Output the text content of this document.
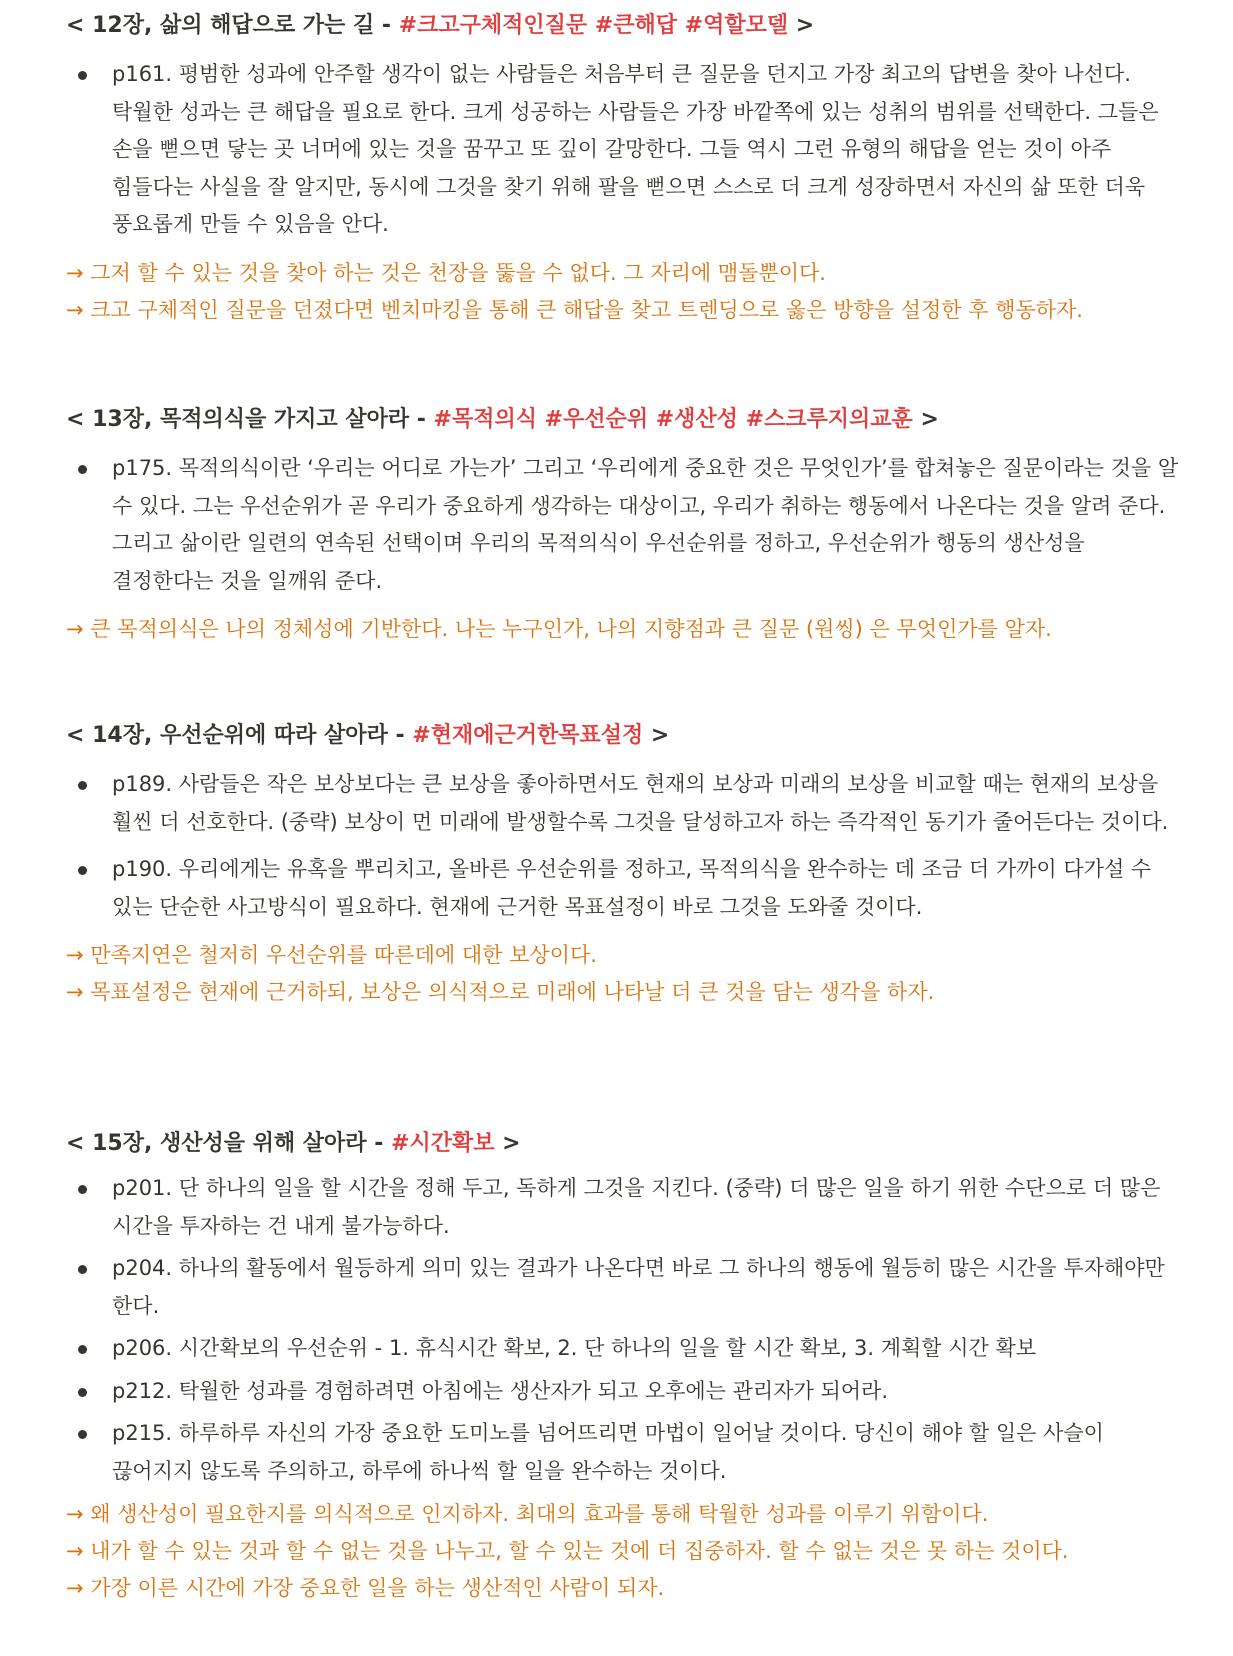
< 12장, 삶의 해답으로 가는 길 - #크고구체적인질문 #큰해답 #역할모델 >
p161. 평범한 성과에 안주할 생각이 없는 사람들은 처음부터 큰 질문을 던지고 가장 최고의 답변을 찾아 나선다. 탁월한 성과는 큰 해답을 필요로 한다. 크게 성공하는 사람들은 가장 바깥쪽에 있는 성취의 범위를 선택한다. 그들은 손을 뻗으면 닿는 곳 너머에 있는 것을 꿈꾸고 또 깊이 갈망한다. 그들 역시 그런 유형의 해답을 얻는 것이 아주 힘들다는 사실을 잘 알지만, 동시에 그것을 찾기 위해 팔을 뻗으면 스스로 더 크게 성장하면서 자신의 삶 또한 더욱 풍요롭게 만들 수 있음을 안다.
→ 그저 할 수 있는 것을 찾아 하는 것은 천장을 뚫을 수 없다. 그 자리에 맴돌뿐이다.
→ 크고 구체적인 질문을 던졌다면 벤치마킹을 통해 큰 해답을 찾고 트렌딩으로 옳은 방향을 설정한 후 행동하자.
< 13장, 목적의식을 가지고 살아라 - #목적의식 #우선순위 #생산성 #스크루지의교훈 >
p175. 목적의식이란 ‘우리는 어디로 가는가’ 그리고 ‘우리에게 중요한 것은 무엇인가’를 합쳐놓은 질문이라는 것을 알 수 있다. 그는 우선순위가 곧 우리가 중요하게 생각하는 대상이고, 우리가 취하는 행동에서 나온다는 것을 알려 준다. 그리고 삶이란 일련의 연속된 선택이며 우리의 목적의식이 우선순위를 정하고, 우선순위가 행동의 생산성을 결정한다는 것을 일깨워 준다.
→ 큰 목적의식은 나의 정체성에 기반한다. 나는 누구인가, 나의 지향점과 큰 질문 (원씽) 은 무엇인가를 알자.
< 14장, 우선순위에 따라 살아라 - #현재에근거한목표설정 >
p189. 사람들은 작은 보상보다는 큰 보상을 좋아하면서도 현재의 보상과 미래의 보상을 비교할 때는 현재의 보상을 훨씬 더 선호한다. (중략) 보상이 먼 미래에 발생할수록 그것을 달성하고자 하는 즉각적인 동기가 줄어든다는 것이다.
p190. 우리에게는 유혹을 뿌리치고, 올바른 우선순위를 정하고, 목적의식을 완수하는 데 조금 더 가까이 다가설 수 있는 단순한 사고방식이 필요하다. 현재에 근거한 목표설정이 바로 그것을 도와줄 것이다.
→ 만족지연은 철저히 우선순위를 따른데에 대한 보상이다.
→ 목표설정은 현재에 근거하되, 보상은 의식적으로 미래에 나타날 더 큰 것을 담는 생각을 하자.
< 15장, 생산성을 위해 살아라 - #시간확보 >
p201. 단 하나의 일을 할 시간을 정해 두고, 독하게 그것을 지킨다. (중략) 더 많은 일을 하기 위한 수단으로 더 많은 시간을 투자하는 건 내게 불가능하다.
p204. 하나의 활동에서 월등하게 의미 있는 결과가 나온다면 바로 그 하나의 행동에 월등히 많은 시간을 투자해야만 한다.
p206. 시간확보의 우선순위 - 1. 휴식시간 확보, 2. 단 하나의 일을 할 시간 확보, 3. 계획할 시간 확보
p212. 탁월한 성과를 경험하려면 아침에는 생산자가 되고 오후에는 관리자가 되어라.
p215. 하루하루 자신의 가장 중요한 도미노를 넘어뜨리면 마법이 일어날 것이다. 당신이 해야 할 일은 사슬이 끊어지지 않도록 주의하고, 하루에 하나씩 할 일을 완수하는 것이다.
→ 왜 생산성이 필요한지를 의식적으로 인지하자. 최대의 효과를 통해 탁월한 성과를 이루기 위함이다.
→ 내가 할 수 있는 것과 할 수 없는 것을 나누고, 할 수 있는 것에 더 집중하자. 할 수 없는 것은 못 하는 것이다.
→ 가장 이른 시간에 가장 중요한 일을 하는 생산적인 사람이 되자.
